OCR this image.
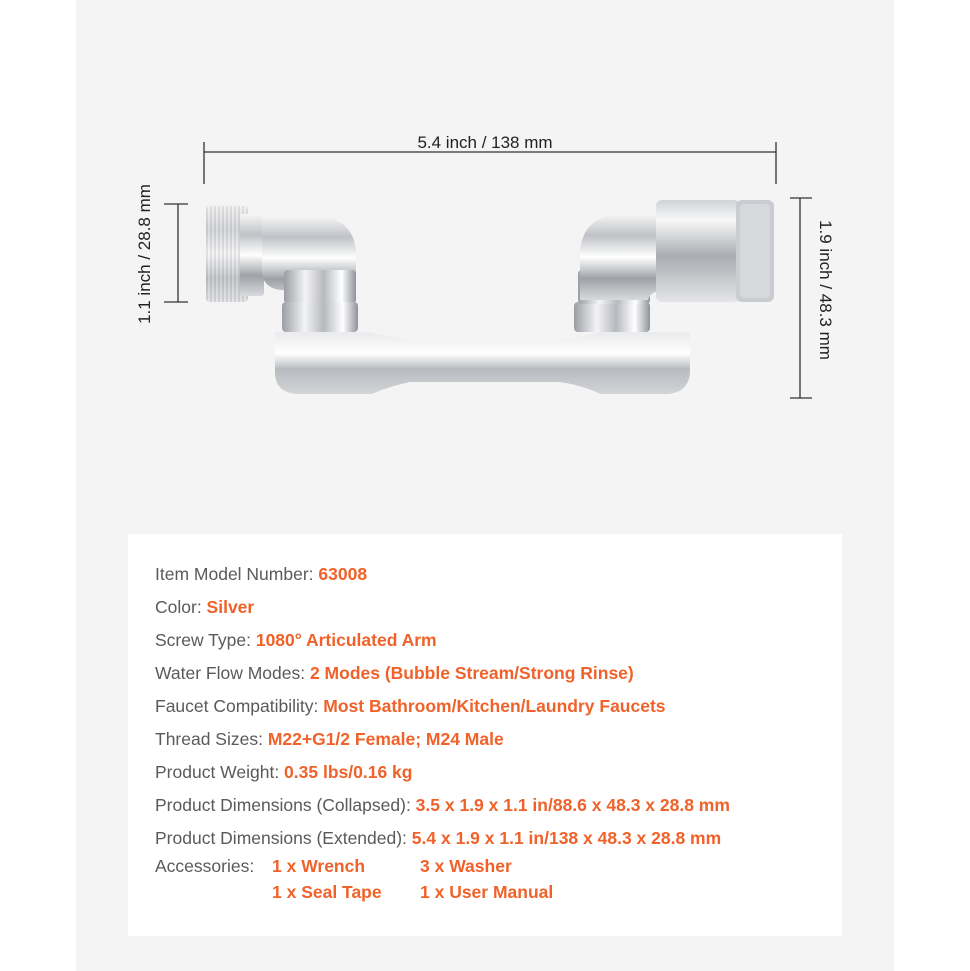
5.4 inch / 138 mm
1.1 inch / 28.8 mm	1.9 inch / 48.3 mm
Item Model Number: 63008
Color: Silver
Screw Type: 1080° Articulated Arm
Water Flow Modes: 2 Modes (Bubble Stream/Strong Rinse)
Faucet Compatibility: Most Bathroom/Kitchen/Laundry Faucets
Thread Sizes: M22+G1/2 Female; M24 Male
Product Weight: 0.35 lbs/0.16 kg
Product Dimensions (Collapsed): 3.5 x 1.9 x 1.1 in/88.6 x 48.3 x 28.8 mm
Product Dimensions (Extended): 5.4 x 1.9 x 1.1 in/138 x 48.3 x 28.8 mm
Accessories: 1 x Wrench	3 x Washer
1 x Seal Tape 1 x User Manual
